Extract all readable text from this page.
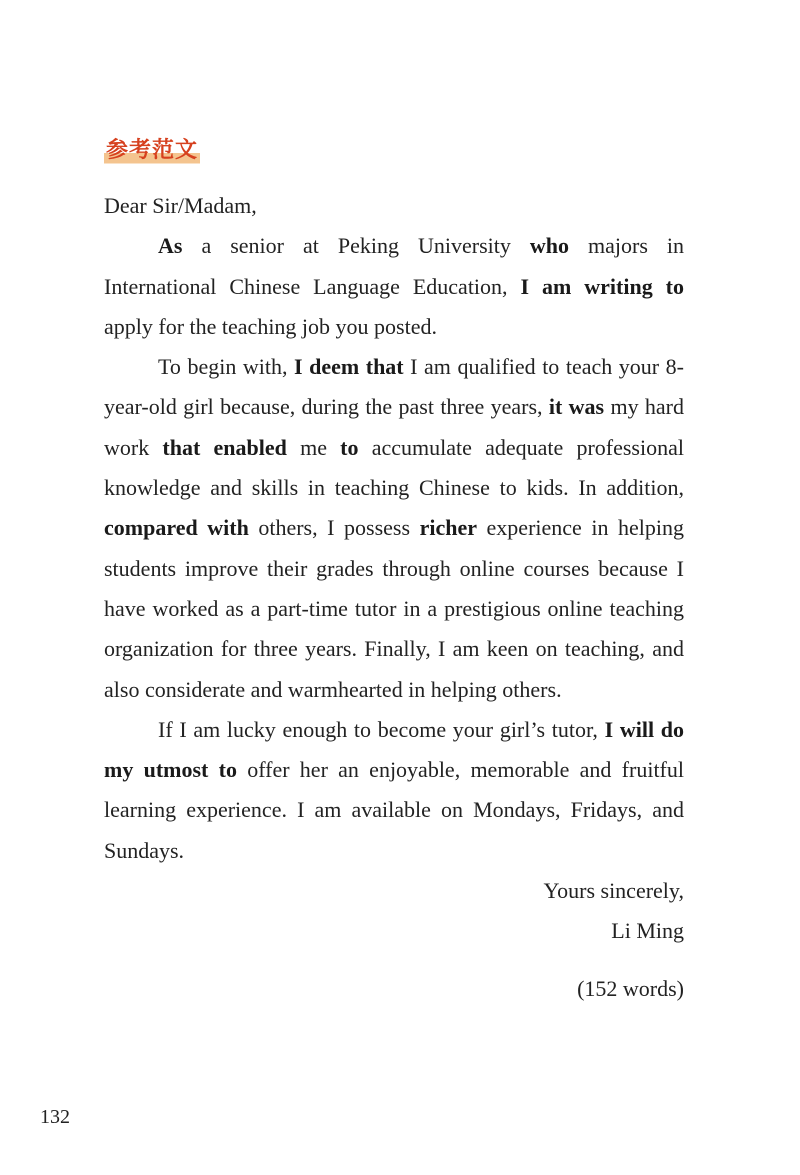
参考范文

Dear Sir/Madam,

As a senior at Peking University who majors in International Chinese Language Education, I am writing to apply for the teaching job you posted.

To begin with, I deem that I am qualified to teach your 8-year-old girl because, during the past three years, it was my hard work that enabled me to accumulate adequate professional knowledge and skills in teaching Chinese to kids. In addition, compared with others, I possess richer experience in helping students improve their grades through online courses because I have worked as a part-time tutor in a prestigious online teaching organization for three years. Finally, I am keen on teaching, and also considerate and warmhearted in helping others.

If I am lucky enough to become your girl’s tutor, I will do my utmost to offer her an enjoyable, memorable and fruitful learning experience. I am available on Mondays, Fridays, and Sundays.

Yours sincerely,

Li Ming

(152 words)

132
